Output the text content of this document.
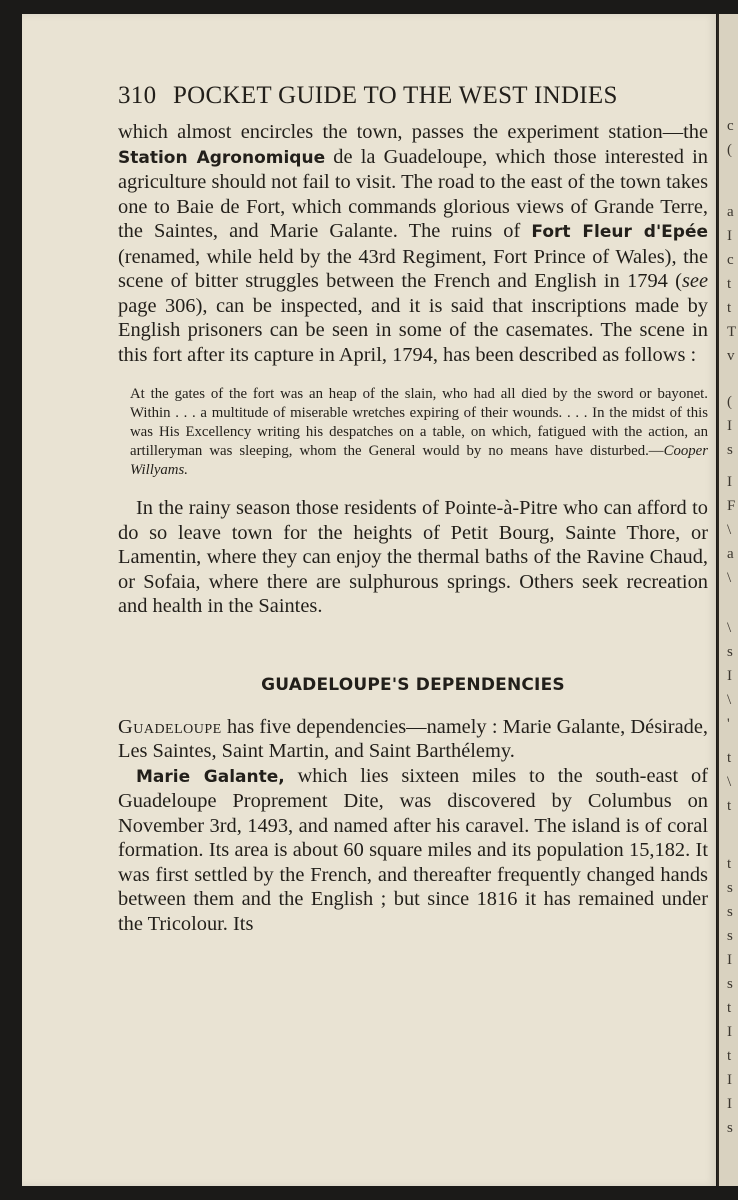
c
(
a
I
c
t
t
T
v
(
I
s
I
F
\
a
\
\
s
I
\
'
t
\
t
t
s
s
s
I
s
t
I
t
I
I
s
310 POCKET GUIDE TO THE WEST INDIES

which almost encircles the town, passes the experiment station—the Station Agronomique de la Guadeloupe, which those interested in agriculture should not fail to visit. The road to the east of the town takes one to Baie de Fort, which commands glorious views of Grande Terre, the Saintes, and Marie Galante. The ruins of Fort Fleur d'Epée (renamed, while held by the 43rd Regiment, Fort Prince of Wales), the scene of bitter struggles between the French and English in 1794 (see page 306), can be inspected, and it is said that inscriptions made by English prisoners can be seen in some of the casemates. The scene in this fort after its capture in April, 1794, has been described as follows :

At the gates of the fort was an heap of the slain, who had all died by the sword or bayonet. Within . . . a multitude of miserable wretches expiring of their wounds. . . . In the midst of this was His Excellency writing his despatches on a table, on which, fatigued with the action, an artilleryman was sleeping, whom the General would by no means have disturbed.—Cooper Willyams.

In the rainy season those residents of Pointe-à-Pitre who can afford to do so leave town for the heights of Petit Bourg, Sainte Thore, or Lamentin, where they can enjoy the thermal baths of the Ravine Chaud, or Sofaia, where there are sulphurous springs. Others seek recreation and health in the Saintes.

GUADELOUPE'S DEPENDENCIES

Guadeloupe has five dependencies—namely : Marie Galante, Désirade, Les Saintes, Saint Martin, and Saint Barthélemy.

Marie Galante, which lies sixteen miles to the south-east of Guadeloupe Proprement Dite, was discovered by Columbus on November 3rd, 1493, and named after his caravel. The island is of coral formation. Its area is about 60 square miles and its population 15,182. It was first settled by the French, and thereafter frequently changed hands between them and the English ; but since 1816 it has remained under the Tricolour. Its
